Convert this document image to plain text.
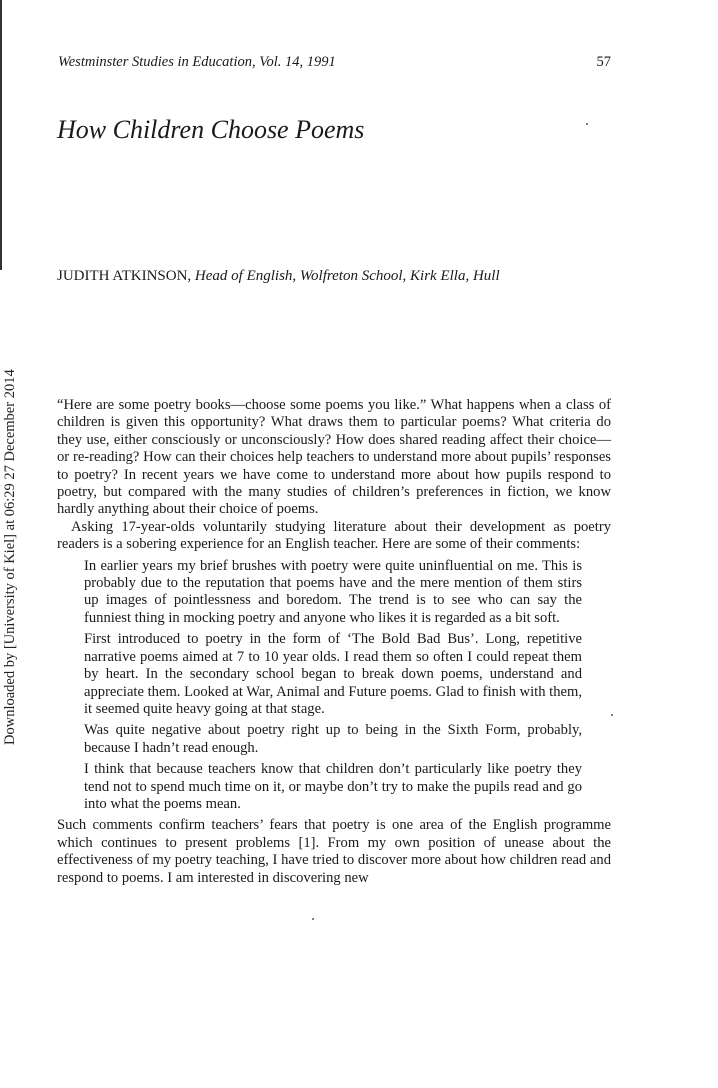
Downloaded by [University of Kiel] at 06:29 27 December 2014
Westminster Studies in Education, Vol. 14, 1991	57
How Children Choose Poems
JUDITH ATKINSON, Head of English, Wolfreton School, Kirk Ella, Hull

“Here are some poetry books—choose some poems you like.” What happens when a class of children is given this opportunity? What draws them to particular poems? What criteria do they use, either consciously or unconsciously? How does shared reading affect their choice—or re-reading? How can their choices help teachers to understand more about pupils’ responses to poetry? In recent years we have come to understand more about how pupils respond to poetry, but compared with the many studies of children’s preferences in fiction, we know hardly anything about their choice of poems.

Asking 17-year-olds voluntarily studying literature about their development as poetry readers is a sobering experience for an English teacher. Here are some of their comments:

In earlier years my brief brushes with poetry were quite uninfluential on me. This is probably due to the reputation that poems have and the mere mention of them stirs up images of pointlessness and boredom. The trend is to see who can say the funniest thing in mocking poetry and anyone who likes it is regarded as a bit soft.

First introduced to poetry in the form of ‘The Bold Bad Bus’. Long, repetitive narrative poems aimed at 7 to 10 year olds. I read them so often I could repeat them by heart. In the secondary school began to break down poems, understand and appreciate them. Looked at War, Animal and Future poems. Glad to finish with them, it seemed quite heavy going at that stage.

Was quite negative about poetry right up to being in the Sixth Form, probably, because I hadn’t read enough.

I think that because teachers know that children don’t particularly like poetry they tend not to spend much time on it, or maybe don’t try to make the pupils read and go into what the poems mean.

Such comments confirm teachers’ fears that poetry is one area of the English programme which continues to present problems [1]. From my own position of unease about the effectiveness of my poetry teaching, I have tried to discover more about how children read and respond to poems. I am interested in discovering new
